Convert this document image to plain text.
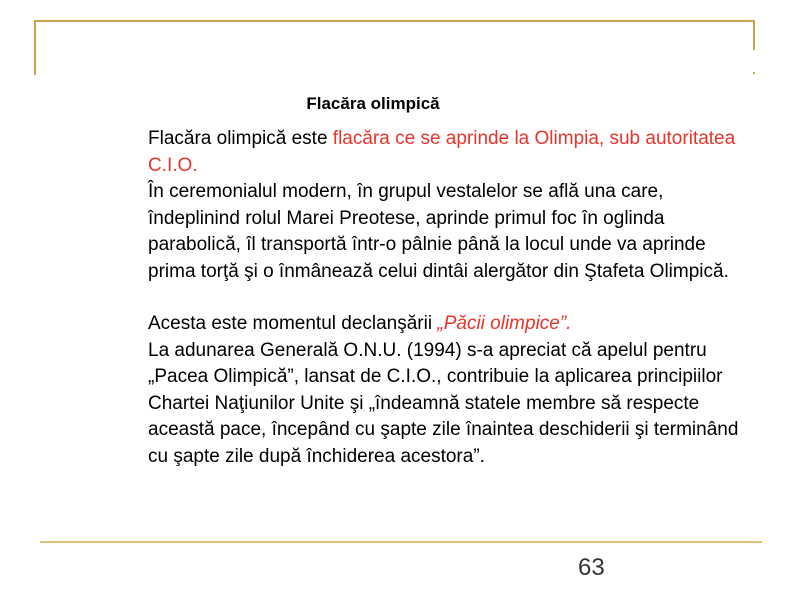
Flacăra olimpică

Flacăra olimpică este flacăra ce se aprinde la Olimpia, sub autoritatea C.I.O.

În ceremonialul modern, în grupul vestalelor se află una care, îndeplinind rolul Marei Preotese, aprinde primul foc în oglinda parabolică, îl transportă într-o pâlnie până la locul unde va aprinde prima torţă şi o înmânează celui dintâi alergător din Ştafeta Olimpică.

Acesta este momentul declanşării „Păcii olimpice”.

La adunarea Generală O.N.U. (1994) s-a apreciat că apelul pentru „Pacea Olimpică”, lansat de C.I.O., contribuie la aplicarea principiilor Chartei Naţiunilor Unite şi „îndeamnă statele membre să respecte această pace, începând cu şapte zile înaintea deschiderii şi terminând cu şapte zile după închiderea acestora”.

63
